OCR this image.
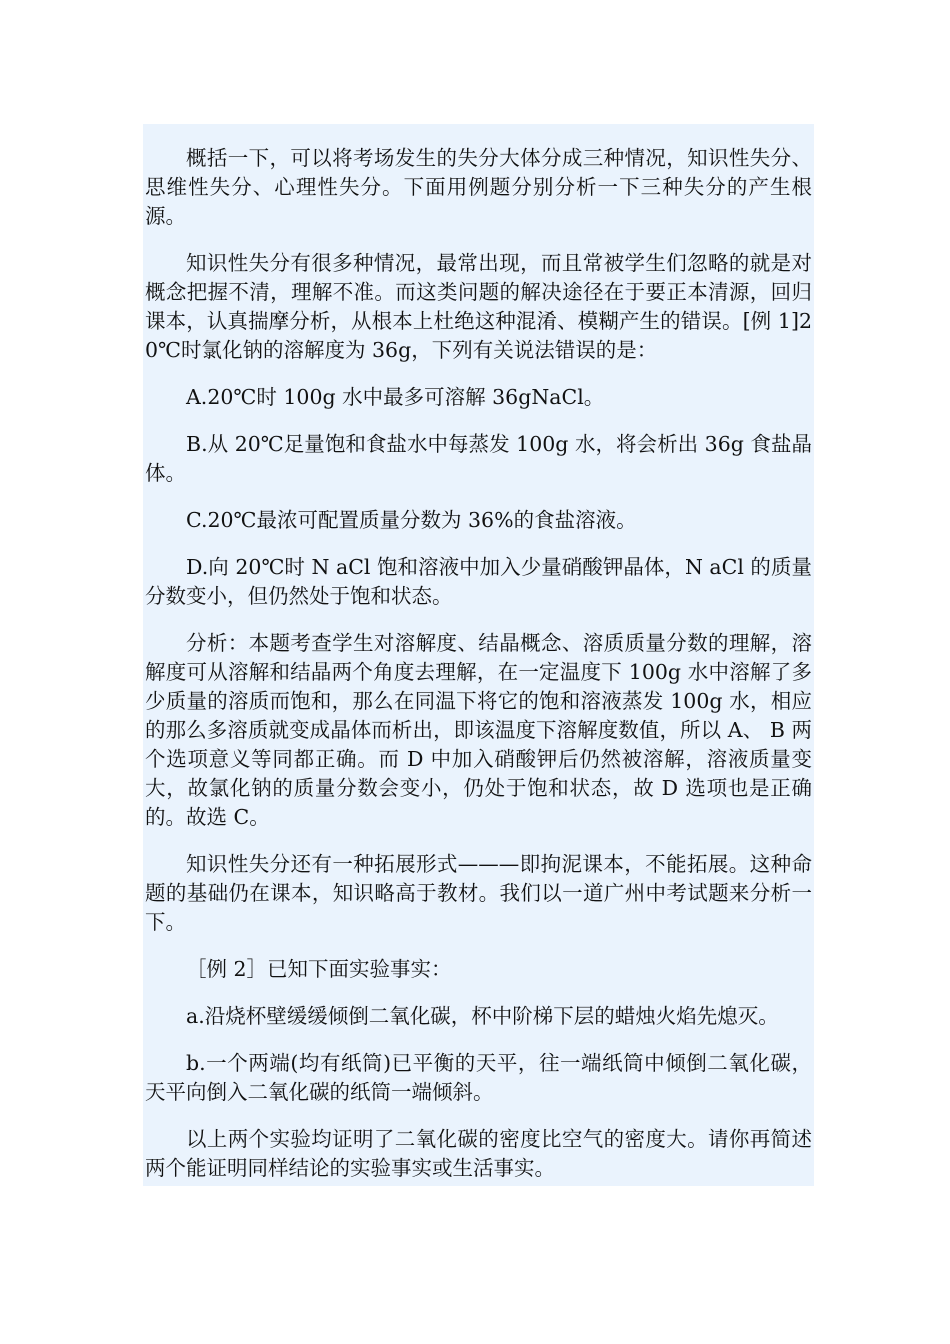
概括一下，可以将考场发生的失分大体分成三种情况，知识性失分、思维性失分、心理性失分。下面用例题分别分析一下三种失分的产生根源。

知识性失分有很多种情况，最常出现，而且常被学生们忽略的就是对概念把握不清，理解不准。而这类问题的解决途径在于要正本清源，回归课本，认真揣摩分析，从根本上杜绝这种混淆、模糊产生的错误。[例 1]20℃时氯化钠的溶解度为 36g，下列有关说法错误的是：

A.20℃时 100g 水中最多可溶解 36gNaCl。

B.从 20℃足量饱和食盐水中每蒸发 100g 水，将会析出 36g 食盐晶体。

C.20℃最浓可配置质量分数为 36%的食盐溶液。

D.向 20℃时 N aCl 饱和溶液中加入少量硝酸钾晶体，N aCl 的质量分数变小，但仍然处于饱和状态。

分析：本题考查学生对溶解度、结晶概念、溶质质量分数的理解，溶解度可从溶解和结晶两个角度去理解，在一定温度下 100g 水中溶解了多少质量的溶质而饱和，那么在同温下将它的饱和溶液蒸发 100g 水，相应的那么多溶质就变成晶体而析出，即该温度下溶解度数值，所以 A、 B 两个选项意义等同都正确。而 D 中加入硝酸钾后仍然被溶解，溶液质量变大，故氯化钠的质量分数会变小，仍处于饱和状态，故 D 选项也是正确的。故选 C。

知识性失分还有一种拓展形式———即拘泥课本，不能拓展。这种命题的基础仍在课本，知识略高于教材。我们以一道广州中考试题来分析一下。

［例 2］已知下面实验事实：

a.沿烧杯壁缓缓倾倒二氧化碳，杯中阶梯下层的蜡烛火焰先熄灭。

b.一个两端(均有纸筒)已平衡的天平，往一端纸筒中倾倒二氧化碳，天平向倒入二氧化碳的纸筒一端倾斜。

以上两个实验均证明了二氧化碳的密度比空气的密度大。请你再简述两个能证明同样结论的实验事实或生活事实。
